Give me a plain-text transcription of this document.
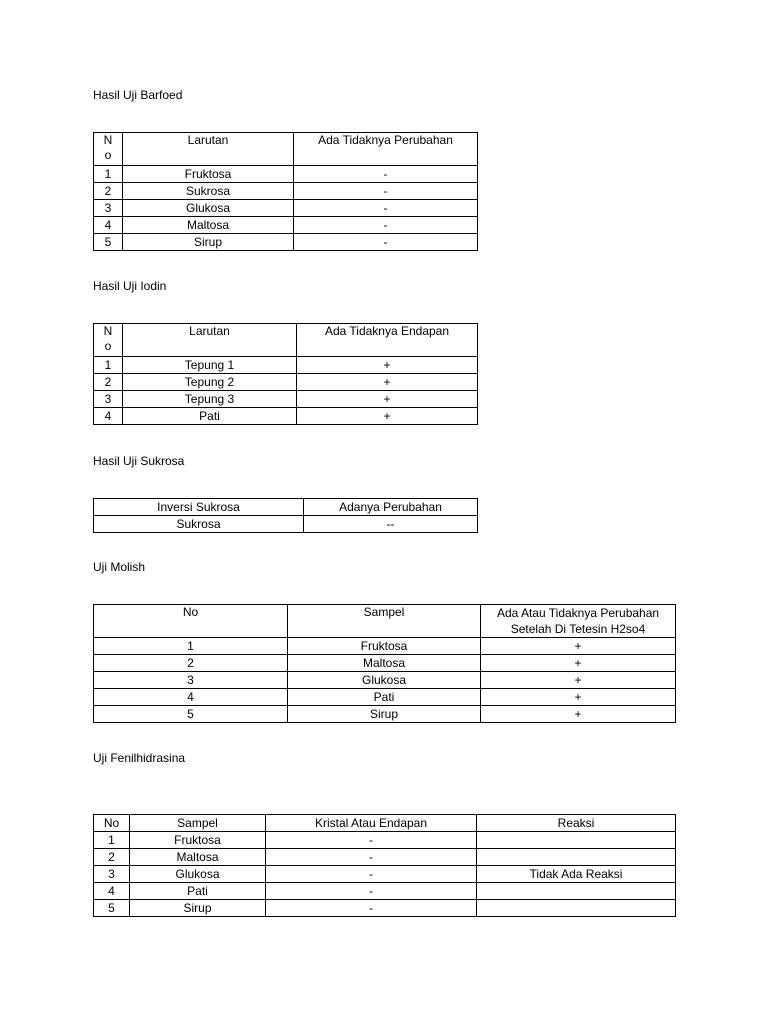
Hasil Uji Barfoed
N o	Larutan	Ada Tidaknya Perubahan
1	Fruktosa	-
2	Sukrosa	-
3	Glukosa	-
4	Maltosa	-
5	Sirup	-
Hasil Uji Iodin
N o	Larutan	Ada Tidaknya Endapan
1	Tepung 1	+
2	Tepung 2	+
3	Tepung 3	+
4	Pati	+
Hasil Uji Sukrosa
Inversi Sukrosa	Adanya Perubahan
Sukrosa	--
Uji Molish
No	Sampel	Ada Atau Tidaknya Perubahan Setelah Di Tetesin H2so4
1	Fruktosa	+
2	Maltosa	+
3	Glukosa	+
4	Pati	+
5	Sirup	+
Uji Fenilhidrasina
No	Sampel	Kristal Atau Endapan	Reaksi
1	Fruktosa	-	
2	Maltosa	-	
3	Glukosa	-	Tidak Ada Reaksi
4	Pati	-	
5	Sirup	-	
